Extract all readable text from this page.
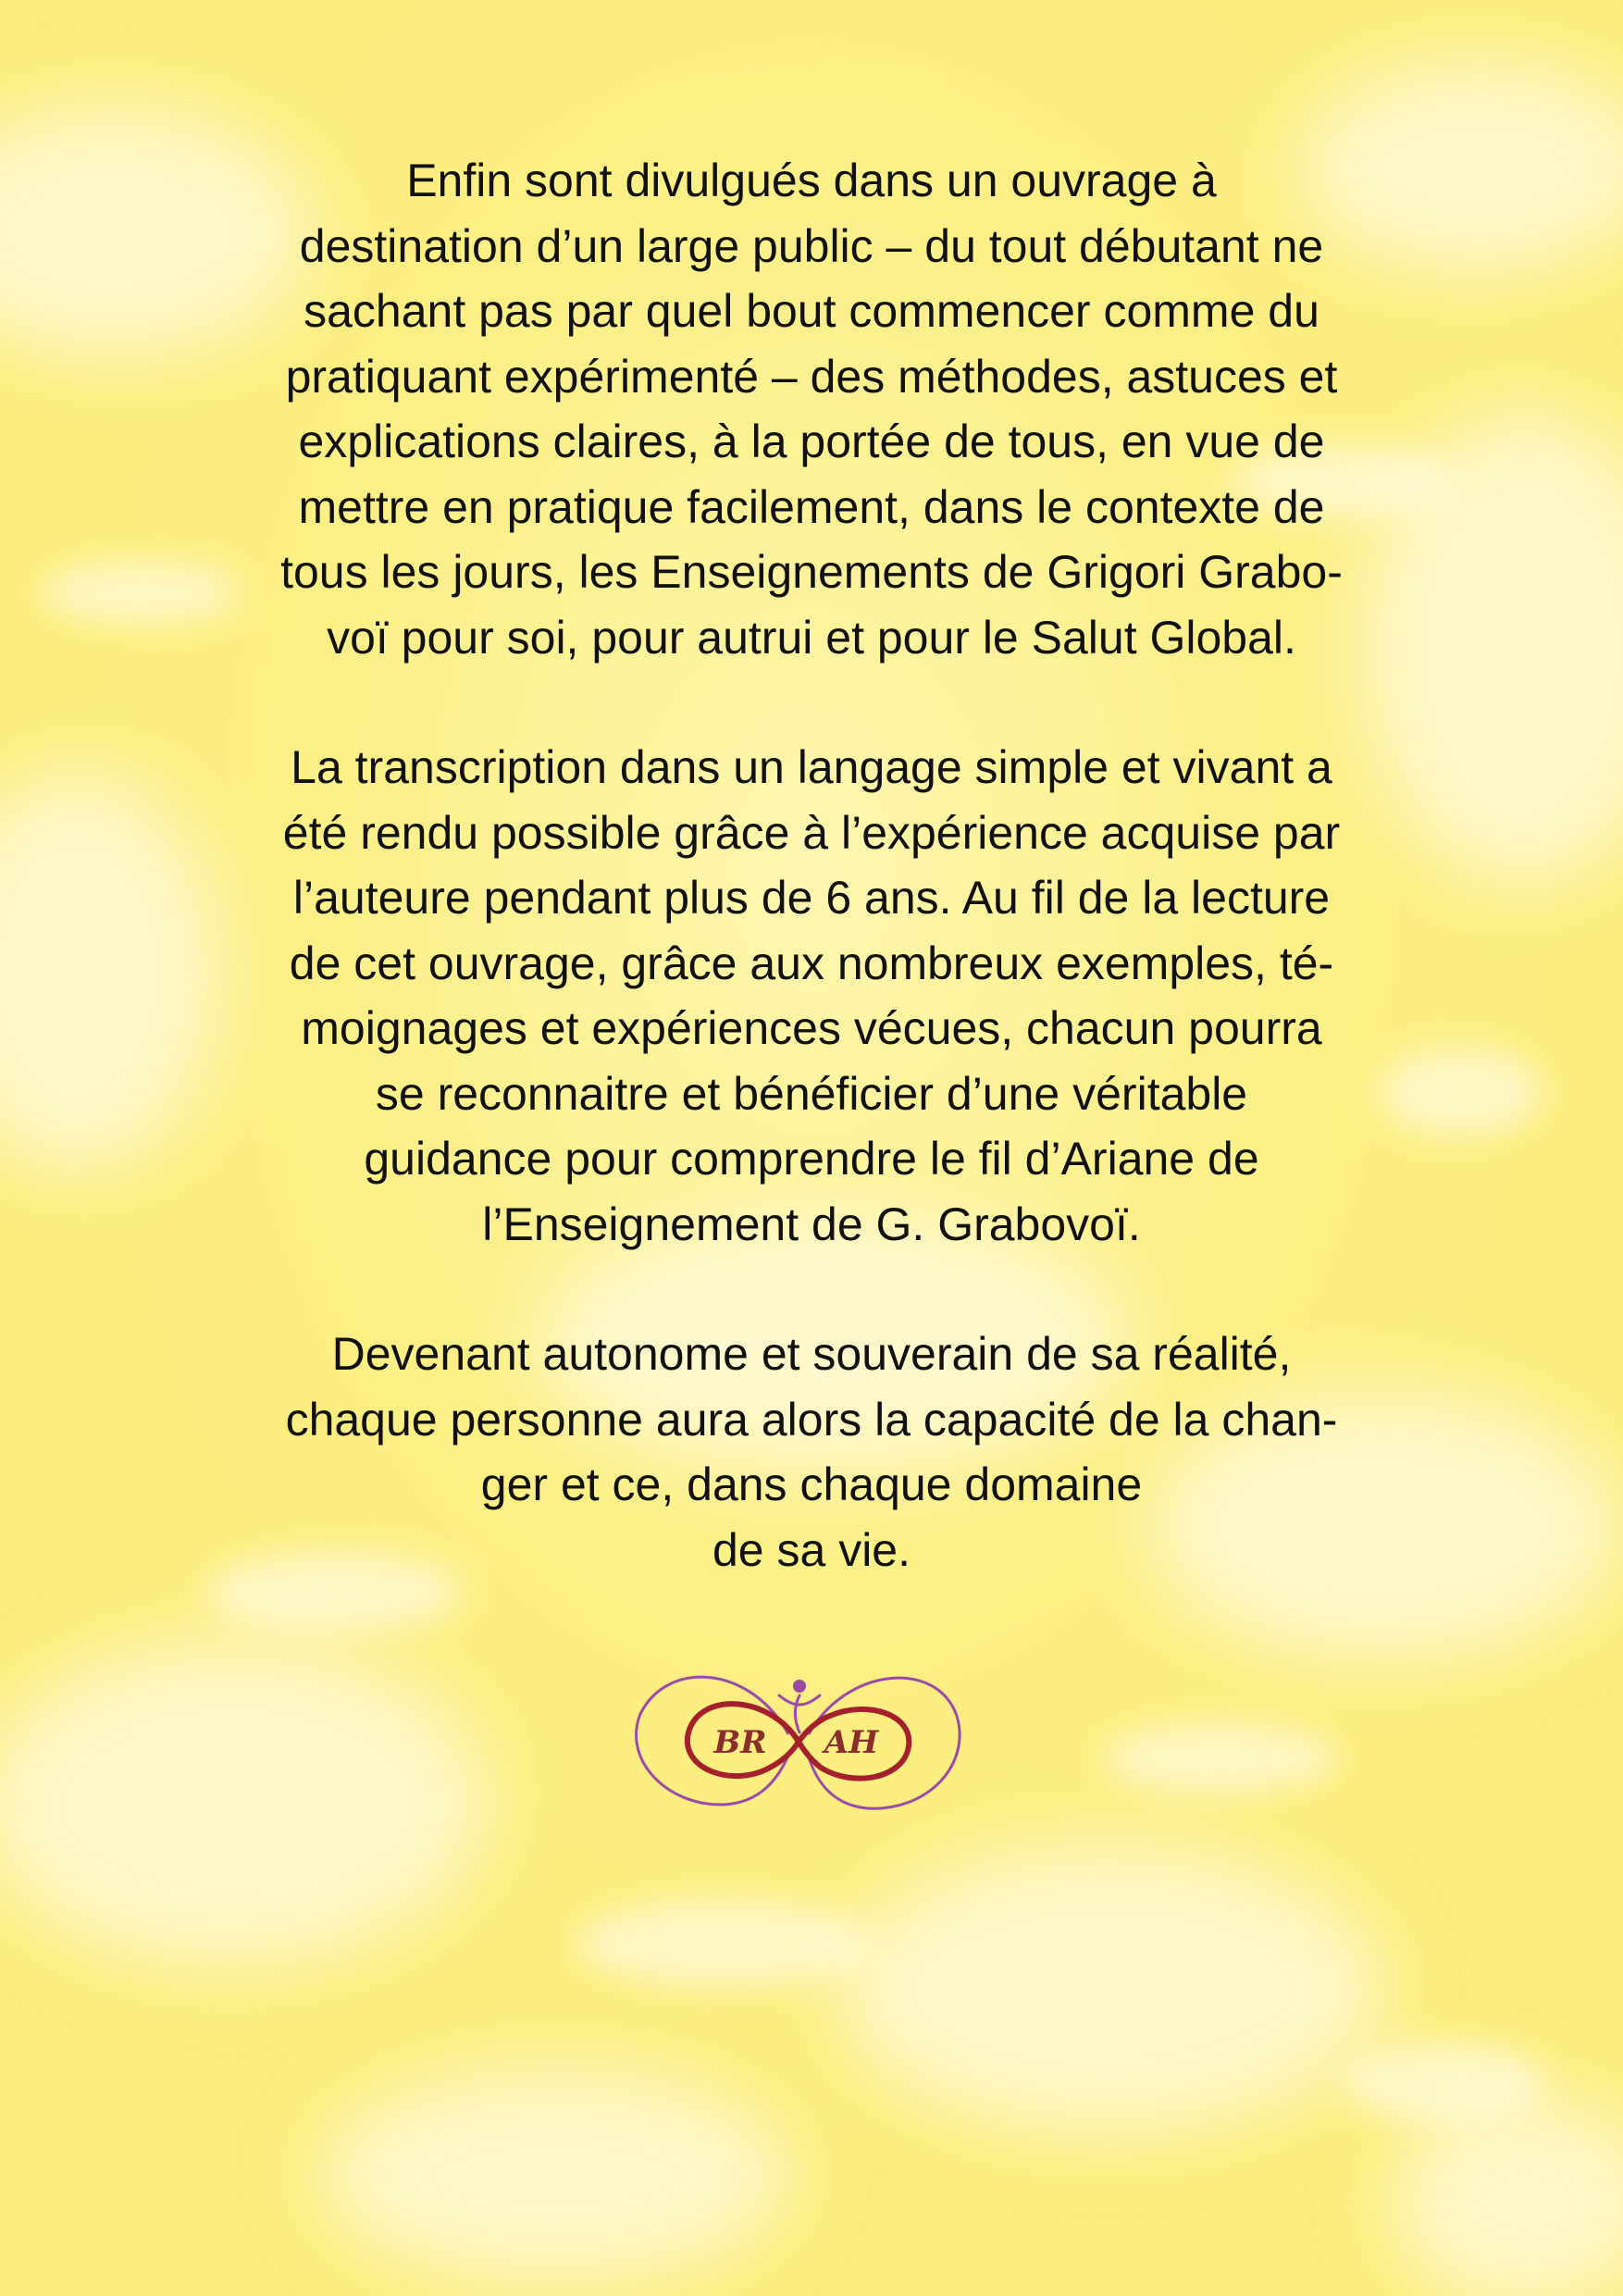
Enfin sont divulgués dans un ouvrage à
destination d’un large public – du tout débutant ne
sachant pas par quel bout commencer comme du
pratiquant expérimenté – des méthodes, astuces et
explications claires, à la portée de tous, en vue de
mettre en pratique facilement, dans le contexte de
tous les jours, les Enseignements de Grigori Grabo-
voï pour soi, pour autrui et pour le Salut Global.

La transcription dans un langage simple et vivant a
été rendu possible grâce à l’expérience acquise par
l’auteure pendant plus de 6 ans. Au fil de la lecture
de cet ouvrage, grâce aux nombreux exemples, té-
moignages et expériences vécues, chacun pourra
se reconnaitre et bénéficier d’une véritable
guidance pour comprendre le fil d’Ariane de
l’Enseignement de G. Grabovoï.

Devenant autonome et souverain de sa réalité,
chaque personne aura alors la capacité de la chan-
ger et ce, dans chaque domaine
de sa vie.

BR AH
